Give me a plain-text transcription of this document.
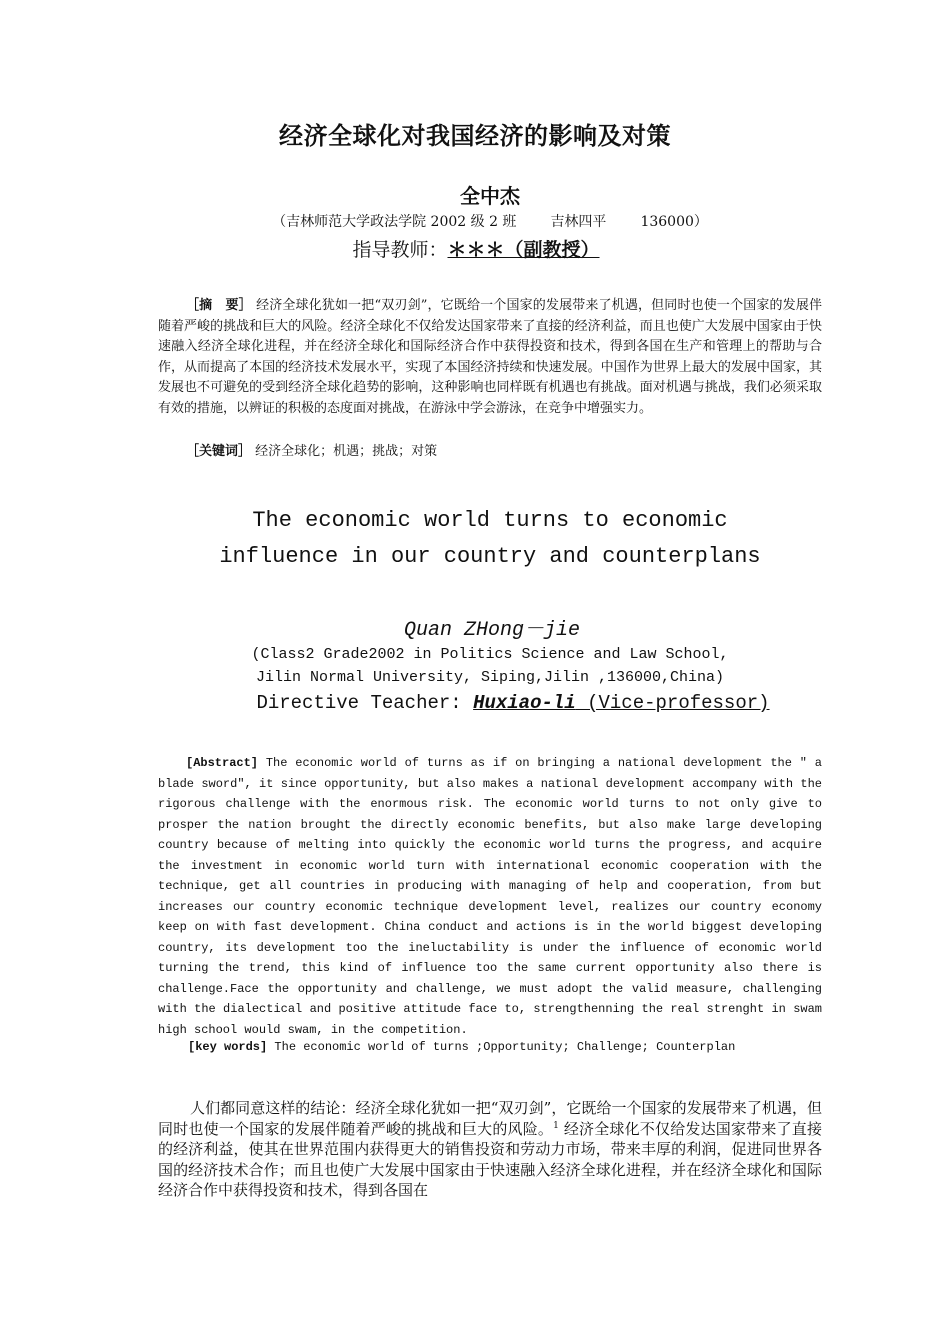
经济全球化对我国经济的影响及对策
全中杰
（吉林师范大学政法学院 2002 级 2 班 吉林四平 136000）
指导教师：＊＊＊（副教授）
［摘　要］ 经济全球化犹如一把“双刃剑”，它既给一个国家的发展带来了机遇，但同时也使一个国家的发展伴随着严峻的挑战和巨大的风险。经济全球化不仅给发达国家带来了直接的经济利益，而且也使广大发展中国家由于快速融入经济全球化进程，并在经济全球化和国际经济合作中获得投资和技术，得到各国在生产和管理上的帮助与合作，从而提高了本国的经济技术发展水平，实现了本国经济持续和快速发展。中国作为世界上最大的发展中国家，其发展也不可避免的受到经济全球化趋势的影响，这种影响也同样既有机遇也有挑战。面对机遇与挑战，我们必须采取有效的措施，以辨证的积极的态度面对挑战，在游泳中学会游泳，在竞争中增强实力。
［关键词］ 经济全球化；机遇；挑战；对策
The economic world turns to economic
influence in our country and counterplans
Quan ZHong－jie
(Class2 Grade2002 in Politics Science and Law School,
Jilin Normal University, Siping,Jilin ,136000,China)
Directive Teacher: Huxiao-li (Vice-professor)
[Abstract] The economic world of turns as if on bringing a national development the " a blade sword", it since opportunity, but also makes a national development accompany with the rigorous challenge with the enormous risk. The economic world turns to not only give to prosper the nation brought the directly economic benefits, but also make large developing country because of melting into quickly the economic world turns the progress, and acquire the investment in economic world turn with international economic cooperation with the technique, get all countries in producing with managing of help and cooperation, from but increases our country economic technique development level, realizes our country economy keep on with fast development. China conduct and actions is in the world biggest developing country, its development too the ineluctability is under the influence of economic world turning the trend, this kind of influence too the same current opportunity also there is challenge.Face the opportunity and challenge, we must adopt the valid measure, challenging with the dialectical and positive attitude face to, strengthenning the real strenght in swam high school would swam, in the competition.
[key words] The economic world of turns ;Opportunity; Challenge; Counterplan
人们都同意这样的结论：经济全球化犹如一把“双刃剑”，它既给一个国家的发展带来了机遇，但同时也使一个国家的发展伴随着严峻的挑战和巨大的风险。$^1$ 经济全球化不仅给发达国家带来了直接的经济利益，使其在世界范围内获得更大的销售投资和劳动力市场，带来丰厚的利润，促进同世界各国的经济技术合作；而且也使广大发展中国家由于快速融入经济全球化进程，并在经济全球化和国际经济合作中获得投资和技术，得到各国在
